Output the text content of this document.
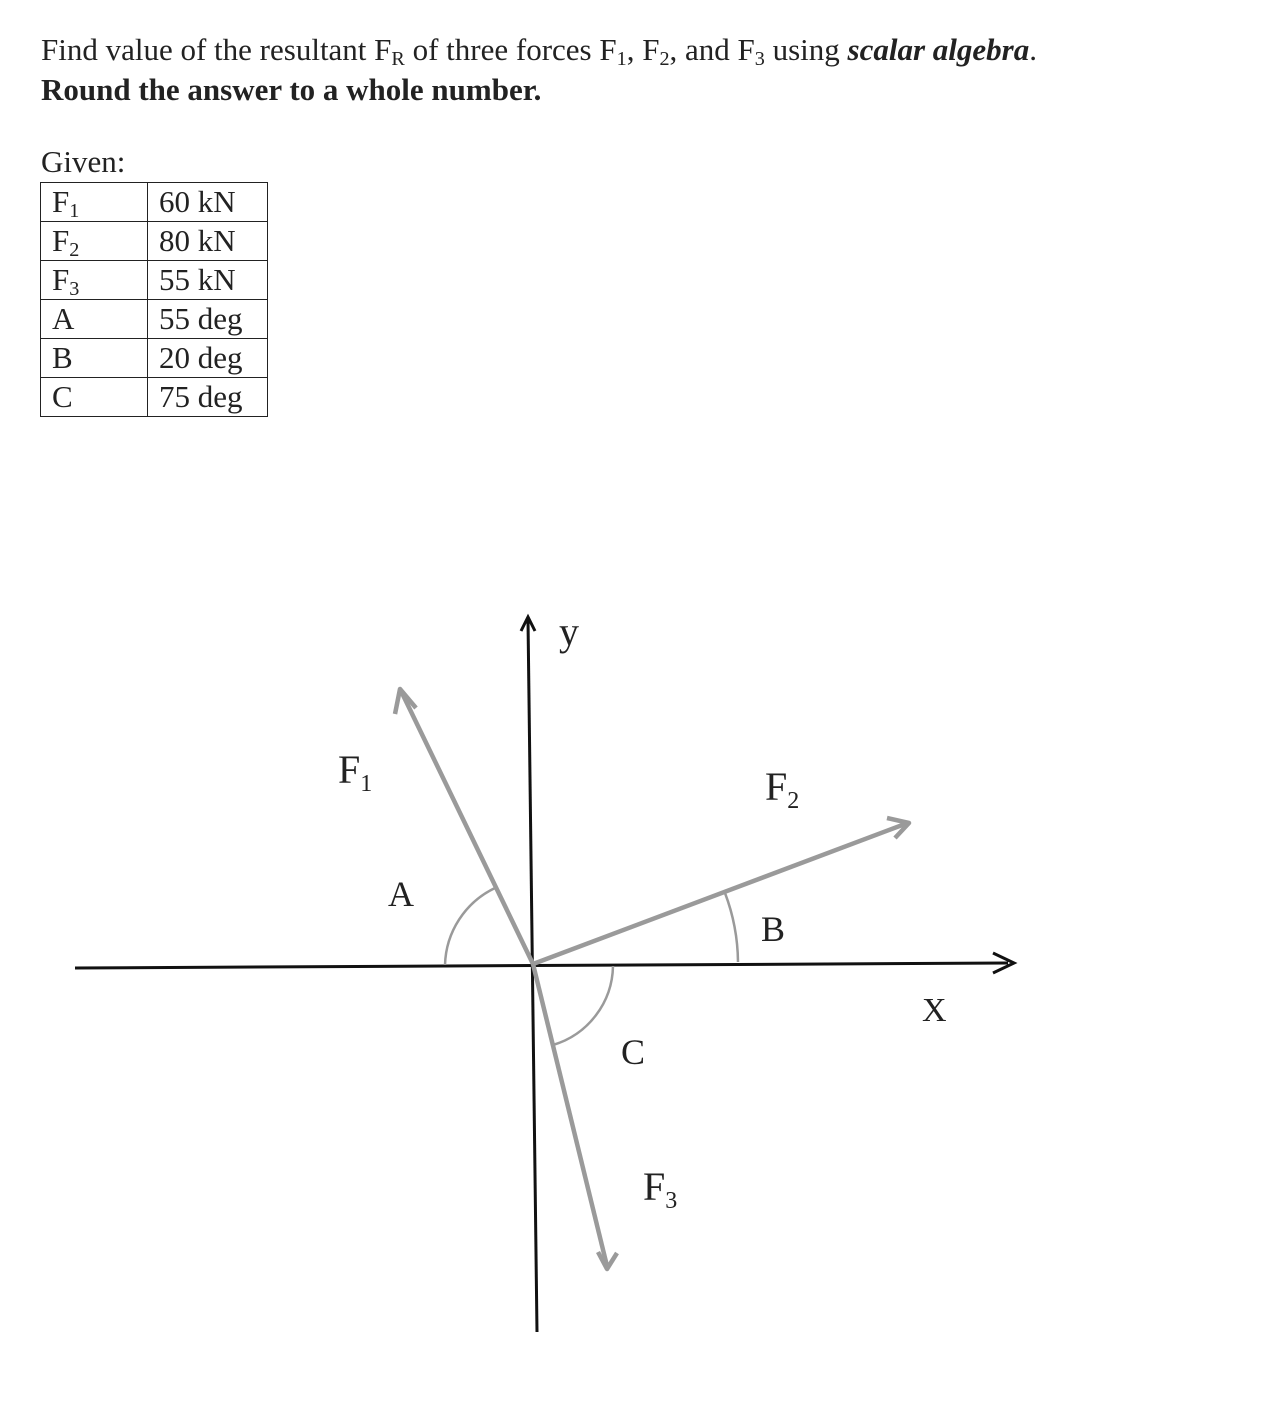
Find value of the resultant $F_R$ of three forces $F_1$, $F_2$, and $F_3$ using scalar algebra.
Round the answer to a whole number.
Given:
$F_1$	60 kN
$F_2$	80 kN
$F_3$	55 kN
A	55 deg
B	20 deg
C	75 deg
y
X
$F_1$	$F_2$
$F_3$
A
B
C
